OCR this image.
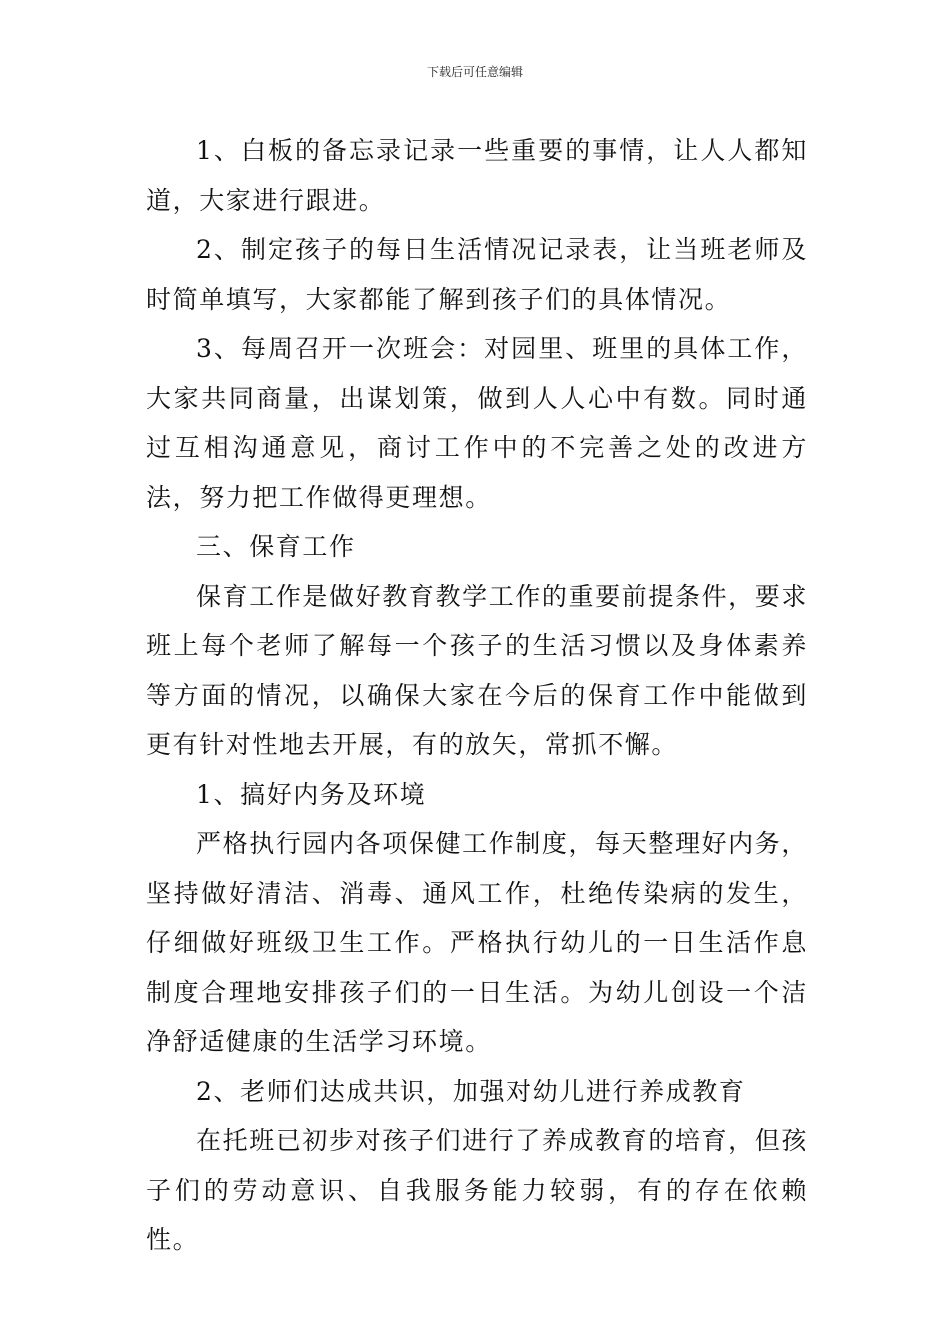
下载后可任意编辑

1、白板的备忘录记录一些重要的事情，让人人都知道，大家进行跟进。

2、制定孩子的每日生活情况记录表，让当班老师及时简单填写，大家都能了解到孩子们的具体情况。

3、每周召开一次班会：对园里、班里的具体工作，大家共同商量，出谋划策，做到人人心中有数。同时通过互相沟通意见，商讨工作中的不完善之处的改进方法，努力把工作做得更理想。

三、保育工作

保育工作是做好教育教学工作的重要前提条件，要求班上每个老师了解每一个孩子的生活习惯以及身体素养等方面的情况，以确保大家在今后的保育工作中能做到更有针对性地去开展，有的放矢，常抓不懈。

1、搞好内务及环境

严格执行园内各项保健工作制度，每天整理好内务，坚持做好清洁、消毒、通风工作，杜绝传染病的发生，仔细做好班级卫生工作。严格执行幼儿的一日生活作息制度合理地安排孩子们的一日生活。为幼儿创设一个洁净舒适健康的生活学习环境。

2、老师们达成共识，加强对幼儿进行养成教育

在托班已初步对孩子们进行了养成教育的培育，但孩子们的劳动意识、自我服务能力较弱，有的存在依赖性。
